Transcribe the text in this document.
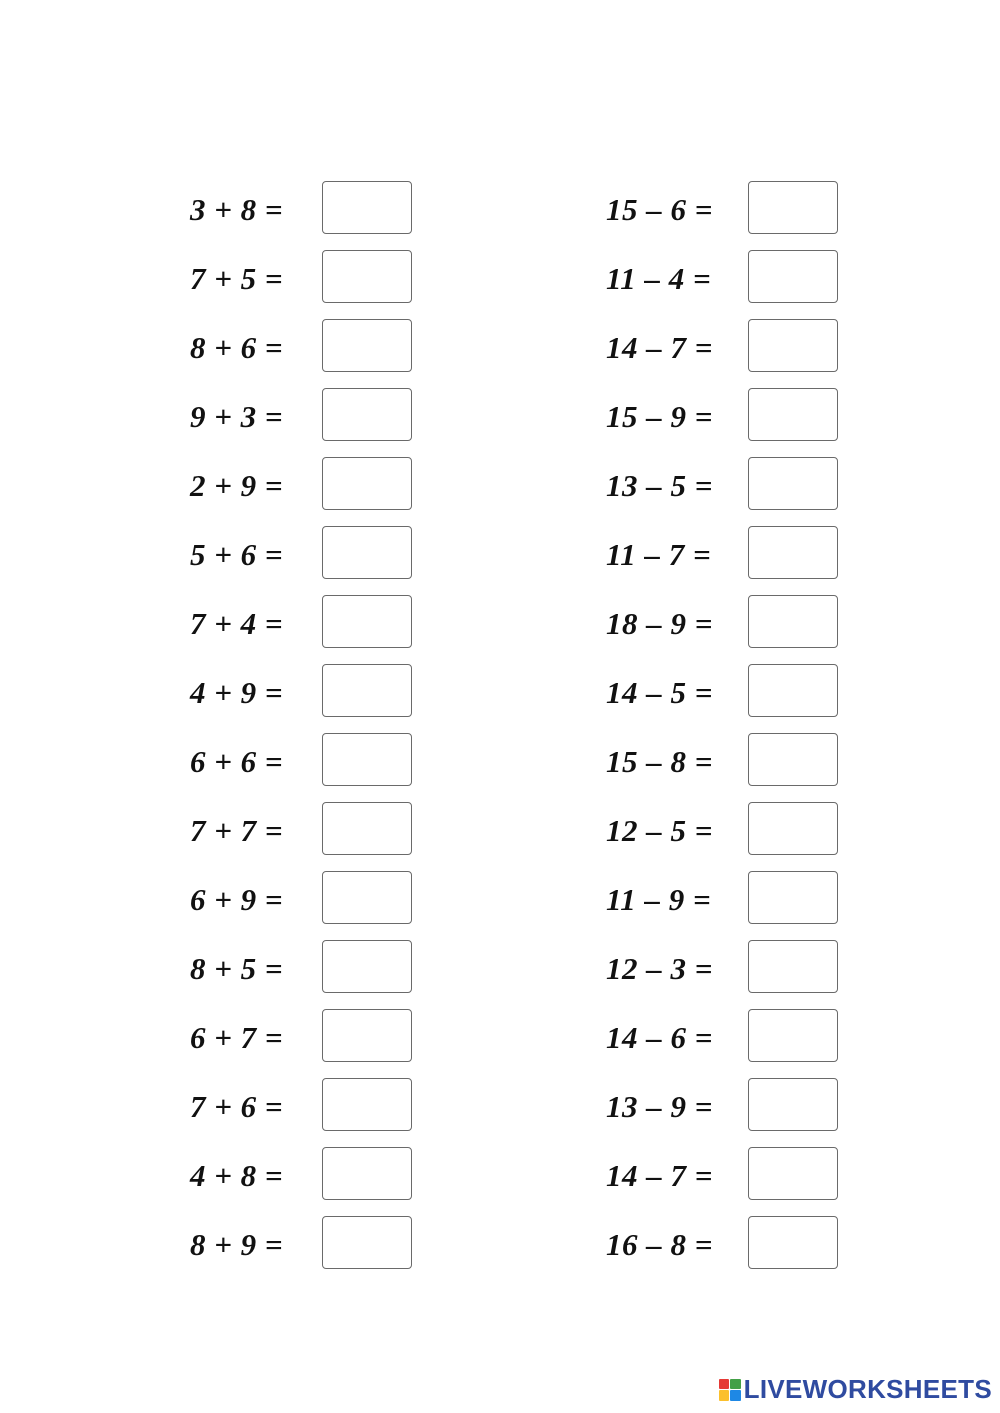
3 + 8 =
7 + 5 =
8 + 6 =
9 + 3 =
2 + 9 =
5 + 6 =
7 + 4 =
4 + 9 =
6 + 6 =
7 + 7 =
6 + 9 =
8 + 5 =
6 + 7 =
7 + 6 =
4 + 8 =
8 + 9 =
15 – 6 =
11 – 4 =
14 – 7 =
15 – 9 =
13 – 5 =
11 – 7 =
18 – 9 =
14 – 5 =
15 – 8 =
12 – 5 =
11 – 9 =
12 – 3 =
14 – 6 =
13 – 9 =
14 – 7 =
16 – 8 =
LIVEWORKSHEETS
